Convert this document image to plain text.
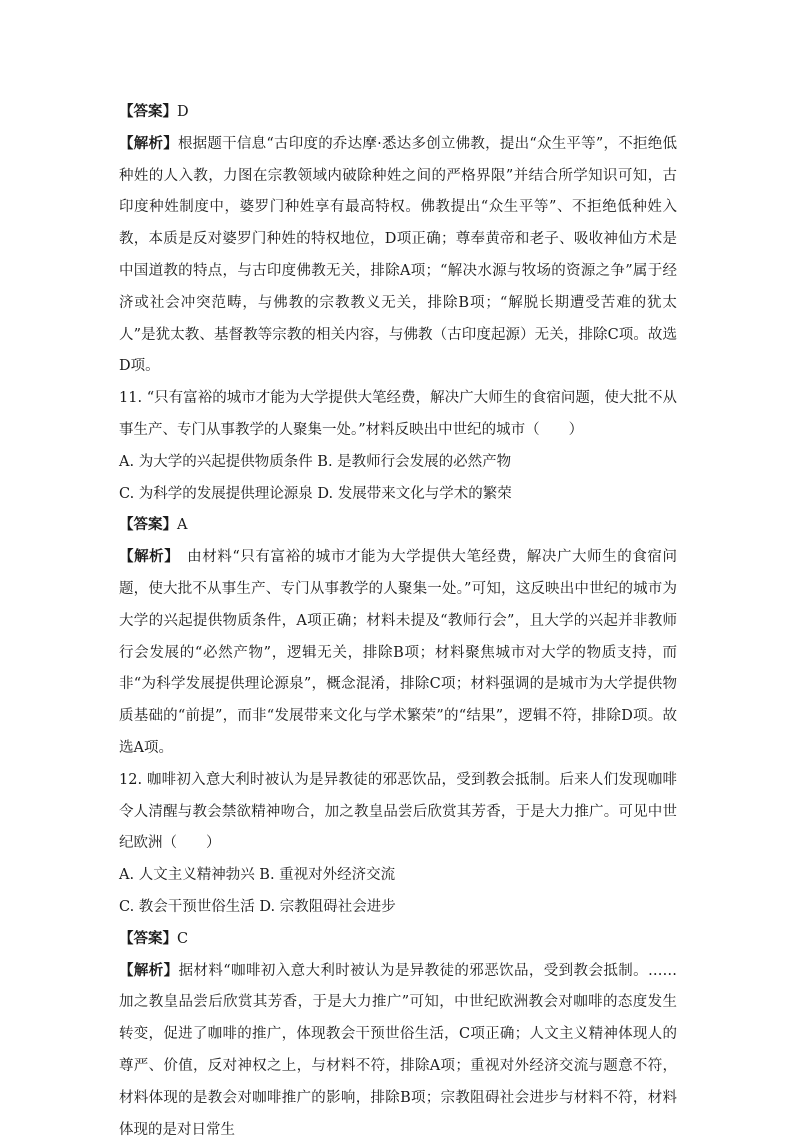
【答案】D

【解析】根据题干信息“古印度的乔达摩·悉达多创立佛教，提出“众生平等”，不拒绝低种姓的人入教，力图在宗教领域内破除种姓之间的严格界限”并结合所学知识可知，古印度种姓制度中，婆罗门种姓享有最高特权。佛教提出“众生平等”、不拒绝低种姓入教，本质是反对婆罗门种姓的特权地位，D项正确；尊奉黄帝和老子、吸收神仙方术是中国道教的特点，与古印度佛教无关，排除A项；“解决水源与牧场的资源之争”属于经济或社会冲突范畴，与佛教的宗教教义无关，排除B项；“解脱长期遭受苦难的犹太人”是犹太教、基督教等宗教的相关内容，与佛教（古印度起源）无关，排除C项。故选D项。

11. “只有富裕的城市才能为大学提供大笔经费，解决广大师生的食宿问题，使大批不从事生产、专门从事教学的人聚集一处。”材料反映出中世纪的城市（　　）

A. 为大学的兴起提供物质条件 B. 是教师行会发展的必然产物

C. 为科学的发展提供理论源泉 D. 发展带来文化与学术的繁荣

【答案】A

【解析】　由材料“只有富裕的城市才能为大学提供大笔经费，解决广大师生的食宿问题，使大批不从事生产、专门从事教学的人聚集一处。”可知，这反映出中世纪的城市为大学的兴起提供物质条件，A项正确；材料未提及“教师行会”，且大学的兴起并非教师行会发展的“必然产物”，逻辑无关，排除B项；材料聚焦城市对大学的物质支持，而非“为科学发展提供理论源泉”，概念混淆，排除C项；材料强调的是城市为大学提供物质基础的“前提”，而非“发展带来文化与学术繁荣”的“结果”，逻辑不符，排除D项。故选A项。

12. 咖啡初入意大利时被认为是异教徒的邪恶饮品，受到教会抵制。后来人们发现咖啡令人清醒与教会禁欲精神吻合，加之教皇品尝后欣赏其芳香，于是大力推广。可见中世纪欧洲（　　）

A. 人文主义精神勃兴 B. 重视对外经济交流

C. 教会干预世俗生活 D. 宗教阻碍社会进步

【答案】C

【解析】据材料“咖啡初入意大利时被认为是异教徒的邪恶饮品，受到教会抵制。……加之教皇品尝后欣赏其芳香，于是大力推广”可知，中世纪欧洲教会对咖啡的态度发生转变，促进了咖啡的推广，体现教会干预世俗生活，C项正确；人文主义精神体现人的尊严、价值，反对神权之上，与材料不符，排除A项；重视对外经济交流与题意不符，材料体现的是教会对咖啡推广的影响，排除B项；宗教阻碍社会进步与材料不符，材料体现的是对日常生
